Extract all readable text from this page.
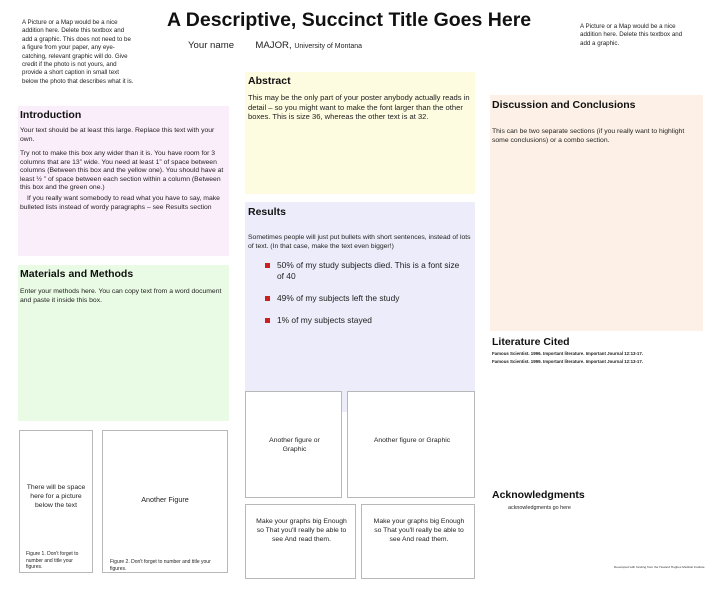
A Descriptive, Succinct Title Goes Here
Your name MAJOR, University of Montana
A Picture or a Map would be a nice addition here. Delete this textbox and add a graphic. This does not need to be a figure from your paper, any eye-catching, relevant graphic will do. Give credit if the photo is not yours, and provide a short caption in small text below the photo that describes what it is.
A Picture or a Map would be a nice addition here. Delete this textbox and add a graphic.
Introduction
Your text should be at least this large. Replace this text with your own.
Try not to make this box any wider than it is. You have room for 3 columns that are 13” wide. You need at least 1” of space between columns (Between this box and the yellow one). You should have at least ½ ” of space between each section within a column (Between this box and the green one.)
If you really want somebody to read what you have to say, make bulleted lists instead of wordy paragraphs – see Results section
Materials and Methods
Enter your methods here. You can copy text from a word document and paste it inside this box.
There will be space here for a picture below the text
Figure 1. Don't forget to number and title your figures.
Another Figure
Figure 2. Don't forget to number and title your figures.
Abstract
This may be the only part of your poster anybody actually reads in detail – so you might want to make the font larger than the other boxes. This is size 36, whereas the other text is at 32.
Results
Sometimes people will just put bullets with short sentences, instead of lots of text. (In that case, make the text even bigger!)
50% of my study subjects died. This is a font size of 40
49% of my subjects left the study
1% of my subjects stayed
Another figure or Graphic
Another figure or Graphic
Make your graphs big Enough so That you'll really be able to see And read them.
Make your graphs big Enough so That you'll really be able to see And read them.
Discussion and Conclusions
This can be two separate sections (if you really want to highlight some conclusions) or a combo section.
Literature Cited
Famous Scientist. 1996. Important literature. Important Journal 12:13-17.
Famous Scientist. 1999. Important literature. Important Journal 12:13-17.
Acknowledgments
acknowledgments go here
Developed with funding from the Howard Hughes Medical Institute
